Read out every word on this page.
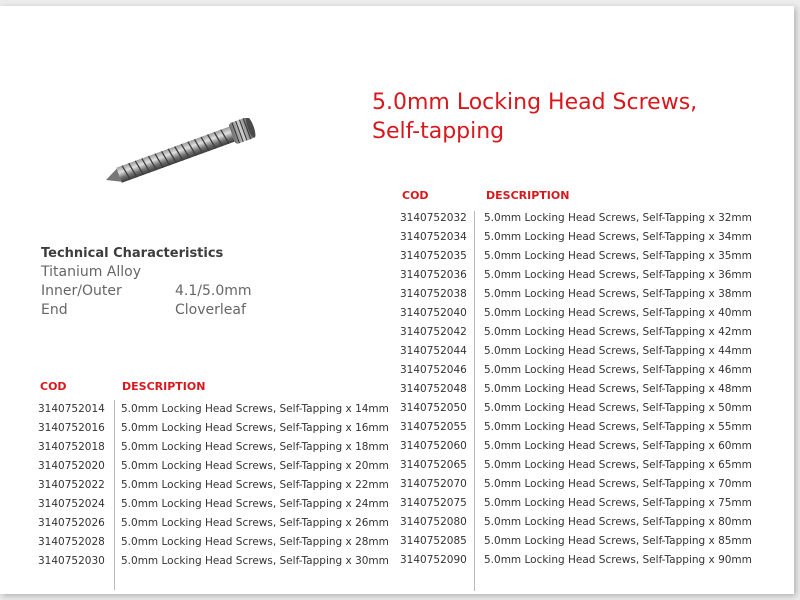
5.0mm Locking Head Screws,
Self-tapping
Technical Characteristics
Titanium Alloy
Inner/Outer	4.1/5.0mm
End	Cloverleaf
COD	DESCRIPTION
3140752014 5.0mm Locking Head Screws, Self-Tapping x 14mm
3140752016 5.0mm Locking Head Screws, Self-Tapping x 16mm
3140752018 5.0mm Locking Head Screws, Self-Tapping x 18mm
3140752020 5.0mm Locking Head Screws, Self-Tapping x 20mm
3140752022 5.0mm Locking Head Screws, Self-Tapping x 22mm
3140752024 5.0mm Locking Head Screws, Self-Tapping x 24mm
3140752026 5.0mm Locking Head Screws, Self-Tapping x 26mm
3140752028 5.0mm Locking Head Screws, Self-Tapping x 28mm
3140752030 5.0mm Locking Head Screws, Self-Tapping x 30mm
COD	DESCRIPTION
3140752032 5.0mm Locking Head Screws, Self-Tapping x 32mm
3140752034 5.0mm Locking Head Screws, Self-Tapping x 34mm
3140752035 5.0mm Locking Head Screws, Self-Tapping x 35mm
3140752036 5.0mm Locking Head Screws, Self-Tapping x 36mm
3140752038 5.0mm Locking Head Screws, Self-Tapping x 38mm
3140752040 5.0mm Locking Head Screws, Self-Tapping x 40mm
3140752042 5.0mm Locking Head Screws, Self-Tapping x 42mm
3140752044 5.0mm Locking Head Screws, Self-Tapping x 44mm
3140752046 5.0mm Locking Head Screws, Self-Tapping x 46mm
3140752048 5.0mm Locking Head Screws, Self-Tapping x 48mm
3140752050 5.0mm Locking Head Screws, Self-Tapping x 50mm
3140752055 5.0mm Locking Head Screws, Self-Tapping x 55mm
3140752060 5.0mm Locking Head Screws, Self-Tapping x 60mm
3140752065 5.0mm Locking Head Screws, Self-Tapping x 65mm
3140752070 5.0mm Locking Head Screws, Self-Tapping x 70mm
3140752075 5.0mm Locking Head Screws, Self-Tapping x 75mm
3140752080 5.0mm Locking Head Screws, Self-Tapping x 80mm
3140752085 5.0mm Locking Head Screws, Self-Tapping x 85mm
3140752090 5.0mm Locking Head Screws, Self-Tapping x 90mm
